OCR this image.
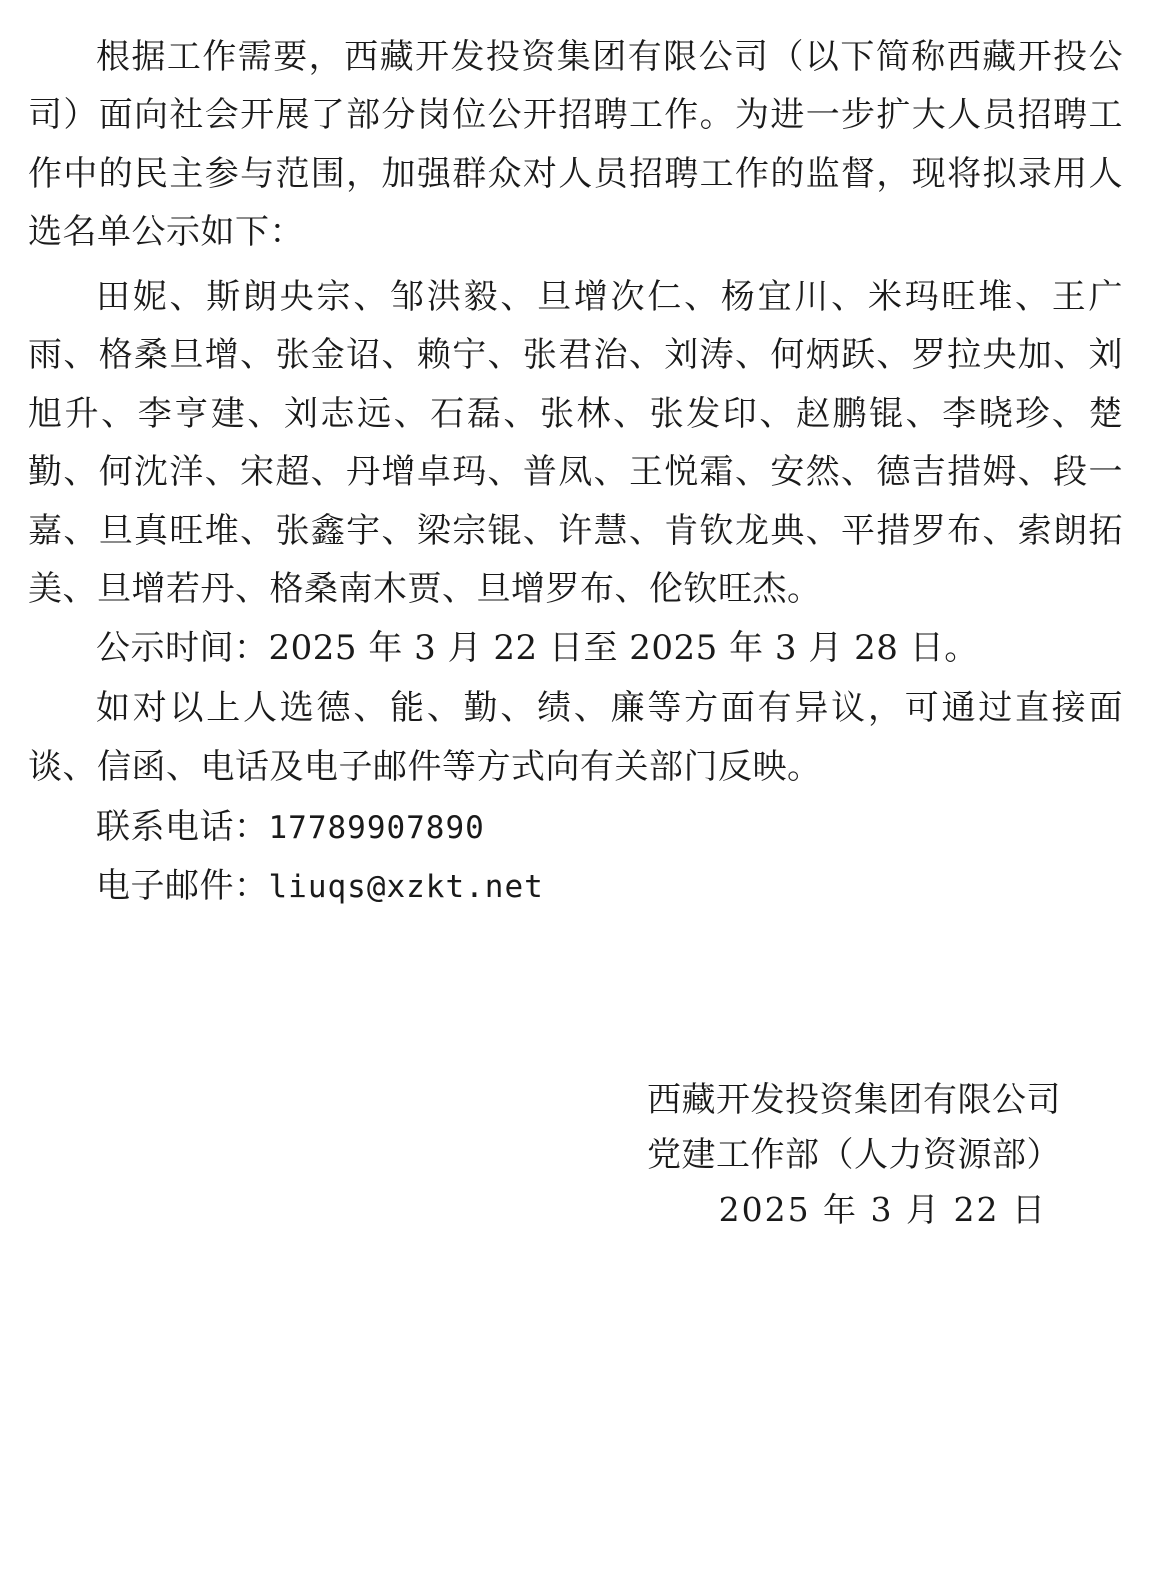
根据工作需要，西藏开发投资集团有限公司（以下简称西藏开投公司）面向社会开展了部分岗位公开招聘工作。为进一步扩大人员招聘工作中的民主参与范围，加强群众对人员招聘工作的监督，现将拟录用人选名单公示如下：

田妮、斯朗央宗、邹洪毅、旦增次仁、杨宜川、米玛旺堆、王广雨、格桑旦增、张金诏、赖宁、张君治、刘涛、何炳跃、罗拉央加、刘旭升、李亨建、刘志远、石磊、张林、张发印、赵鹏锟、李晓珍、楚勤、何沈洋、宋超、丹增卓玛、普凤、王悦霜、安然、德吉措姆、段一嘉、旦真旺堆、张鑫宇、梁宗锟、许慧、肯钦龙典、平措罗布、索朗拓美、旦增若丹、格桑南木贾、旦增罗布、伦钦旺杰。

公示时间：2025 年 3 月 22 日至 2025 年 3 月 28 日。

如对以上人选德、能、勤、绩、廉等方面有异议，可通过直接面谈、信函、电话及电子邮件等方式向有关部门反映。

联系电话：17789907890

电子邮件：liuqs@xzkt.net

西藏开发投资集团有限公司
党建工作部（人力资源部）
2025 年 3 月 22 日
